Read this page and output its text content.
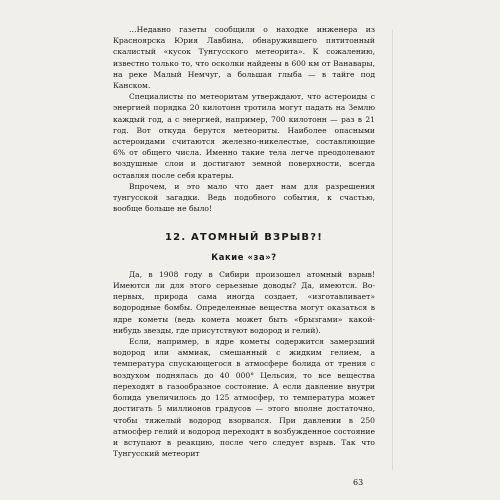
…Недавно газеты сообщили о находке инженера из Красноярска Юрия Лавбина, обнаружившего пятитонный скалистый «кусок Тунгусского метеорита». К сожалению, известно только то, что осколки найдены в 600 км от Ванавары, на реке Малый Немчуг, а большая глыба — в тайге под Канском.

Специалисты по метеоритам утверждают, что астероиды с энергией порядка 20 килотонн тротила могут падать на Землю каждый год, а с энергией, например, 700 килотонн — раз в 21 год. Вот откуда берутся метеориты. Наиболее опасными астероидами считаются железно-никелестые, составляющие 6% от общего числа. Именно такие тела легче преодолевают воздушные слои и достигают земной поверхности, всегда оставляя после себя кратеры.

Впрочем, и это мало что дает нам для разрешения тунгусской загадки. Ведь подобного события, к счастью, вообще больше не было!

12. АТОМНЫЙ ВЗРЫВ?!
Какие «за»?

Да, в 1908 году в Сибири произошел атомный взрыв! Имеются ли для этого серьезные доводы? Да, имеются. Во-первых, природа сама иногда создает, «изготавливает» водородные бомбы. Определенные вещества могут оказаться в ядре кометы (ведь комета может быть «брызгами» какой-нибудь звезды, где присутствуют водород и гелий).

Если, например, в ядре кометы содержится замерзший водород или аммиак, смешанный с жидким гелием, а температура спускающегося в атмосфере болида от трения с воздухом поднялась до 40 000° Цельсия, то все вещества переходят в газообразное состояние. А если давление внутри болида увеличилось до 125 атмосфер, то температура может достигать 5 миллионов градусов — этого вполне достаточно, чтобы тяжелый водород взорвался. При давлении в 250 атмосфер гелий и водород переходят в возбужденное состояние и вступают в реакцию, после чего следует взрыв. Так что Тунгусский метеорит

63
